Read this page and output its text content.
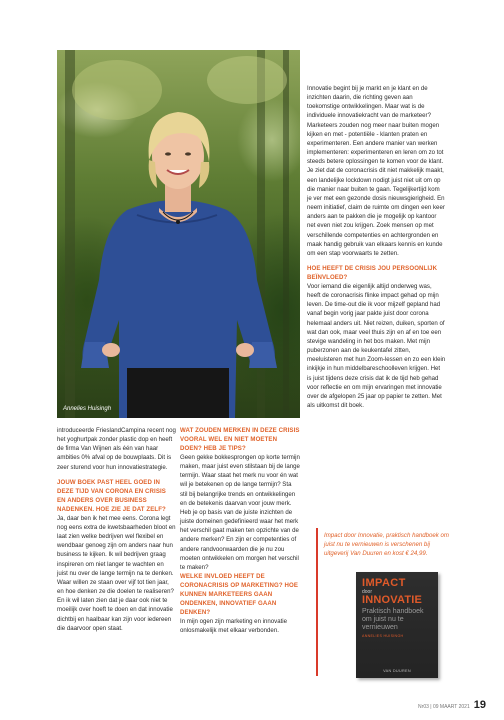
Annelies Huisingh

introduceerde FrieslandCampina recent nog het yoghurtpak zonder plastic dop en heeft de firma Van Wijnen als één van haar ambities 0% afval op de bouwplaats. Dit is zeer sturend voor hun innovatiestrategie.

JOUW BOEK PAST HEEL GOED IN DEZE TIJD VAN CORONA EN CRISIS EN ANDERS OVER BUSINESS NADENKEN. HOE ZIE JE DAT ZELF?

Ja, daar ben ik het mee eens. Corona legt nog eens extra de kwetsbaarheden bloot en laat zien welke bedrijven wel flexibel en wendbaar genoeg zijn om anders naar hun business te kijken. Ik wil bedrijven graag inspireren om niet langer te wachten en juist nu over de lange termijn na te denken. Waar willen ze staan over vijf tot tien jaar, en hoe denken ze die doelen te realiseren? En ik wil laten zien dat je daar ook niet te moeilijk over hoeft te doen en dat innovatie dichtbij en haalbaar kan zijn voor iedereen die daarvoor open staat.

WAT ZOUDEN MERKEN IN DEZE CRISIS VOORAL WEL EN NIET MOETEN DOEN? HEB JE TIPS?

Geen gekke bokkesprongen op korte termijn maken, maar juist even stilstaan bij de lange termijn. Waar staat het merk nu voor én wat wil je betekenen op de lange termijn? Sta stil bij belangrijke trends en ontwikkelingen en de betekenis daarvan voor jouw merk. Heb je op basis van de juiste inzichten de juiste domeinen gedefinieerd waar het merk het verschil gaat maken ten opzichte van de andere merken? En zijn er competenties of andere randvoorwaarden die je nu zou moeten ontwikkelen om morgen het verschil te maken?

WELKE INVLOED HEEFT DE CORONACRISIS OP MARKETING? HOE KUNNEN MARKETEERS GAAN ONDENKEN, INNOVATIEF GAAN DENKEN?

In mijn ogen zijn marketing en innovatie onlosmakelijk met elkaar verbonden.

Innovatie begint bij je markt en je klant en de inzichten daarin, die richting geven aan toekomstige ontwikkelingen. Maar wat is de individuele innovatiekracht van de marketeer? Marketeers zouden nog meer naar buiten mogen kijken en met - potentiële - klanten praten en experimenteren. Een andere manier van werken implementeren: experimenteren en leren om zo tot steeds betere oplossingen te komen voor de klant. Je ziet dat de coronacrisis dit niet makkelijk maakt, een landelijke lockdown nodigt juist niet uit om op die manier naar buiten te gaan. Tegelijkertijd kom je ver met een gezonde dosis nieuwsgierigheid. En neem initiatief, claim de ruimte om dingen een keer anders aan te pakken die je mogelijk op kantoor net even niet zou krijgen. Zoek mensen op met verschillende competenties en achtergronden en maak handig gebruik van elkaars kennis en kunde om een stap voorwaarts te zetten.

HOE HEEFT DE CRISIS JOU PERSOONLIJK BEÏNVLOED?

Voor iemand die eigenlijk altijd onderweg was, heeft de coronacrisis flinke impact gehad op mijn leven. De time-out die ik voor mijzelf gepland had vanaf begin vorig jaar pakte juist door corona helemaal anders uit. Niet reizen, duiken, sporten of wat dan ook, maar veel thuis zijn en af en toe een stevige wandeling in het bos maken. Met mijn puberzonen aan de keukentafel zitten, meeluisteren met hun Zoom-lessen en zo een klein inkijkje in hun middelbareschoolleven krijgen. Het is juist tijdens deze crisis dat ik de tijd heb gehad voor reflectie en om mijn ervaringen met innovatie over de afgelopen 25 jaar op papier te zetten. Met als uitkomst dit boek.

Impact door Innovatie, praktisch handboek om juist nu te vernieuwen is verschenen bij uitgeverij Van Duuren en kost € 24,99.
IMPACT
door
INNOVATIE
Praktisch handboek om juist nu te vernieuwen
ANNELIES HUISINGH
VAN DUUREN
Nr03 | 09 MAART 2021 19
